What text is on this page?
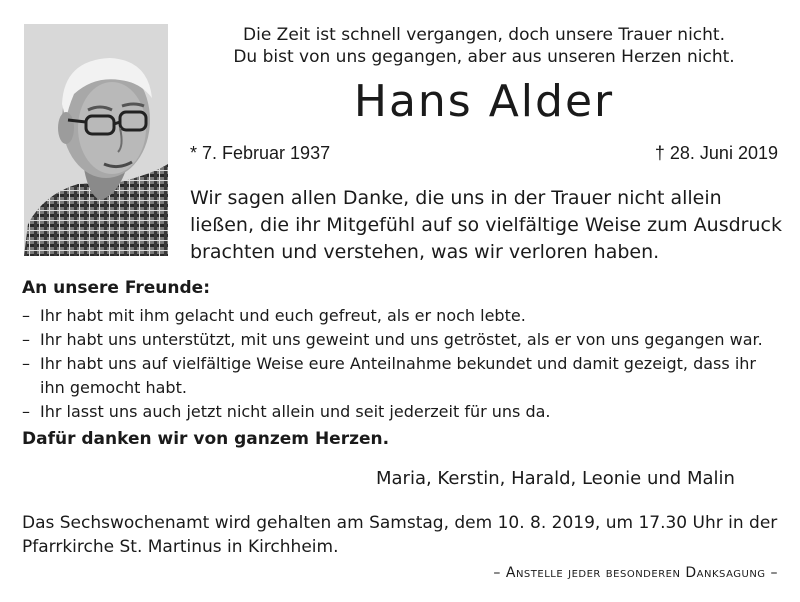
Die Zeit ist schnell vergangen, doch unsere Trauer nicht.
Du bist von uns gegangen, aber aus unseren Herzen nicht.
Hans Alder
* 7. Februar 1937	† 28. Juni 2019
Wir sagen allen Danke, die uns in der Trauer nicht allein ließen, die ihr Mitgefühl auf so vielfältige Weise zum Ausdruck brachten und verstehen, was wir verloren haben.
An unsere Freunde:
– Ihr habt mit ihm gelacht und euch gefreut, als er noch lebte.
– Ihr habt uns unterstützt, mit uns geweint und uns getröstet, als er von uns gegangen war.
– Ihr habt uns auf vielfältige Weise eure Anteilnahme bekundet und damit gezeigt, dass ihr ihn gemocht habt.
– Ihr lasst uns auch jetzt nicht allein und seit jederzeit für uns da.
Dafür danken wir von ganzem Herzen.
Maria, Kerstin, Harald, Leonie und Malin
Das Sechswochenamt wird gehalten am Samstag, dem 10. 8. 2019, um 17.30 Uhr in der Pfarrkirche St. Martinus in Kirchheim.
– Anstelle jeder besonderen Danksagung –
